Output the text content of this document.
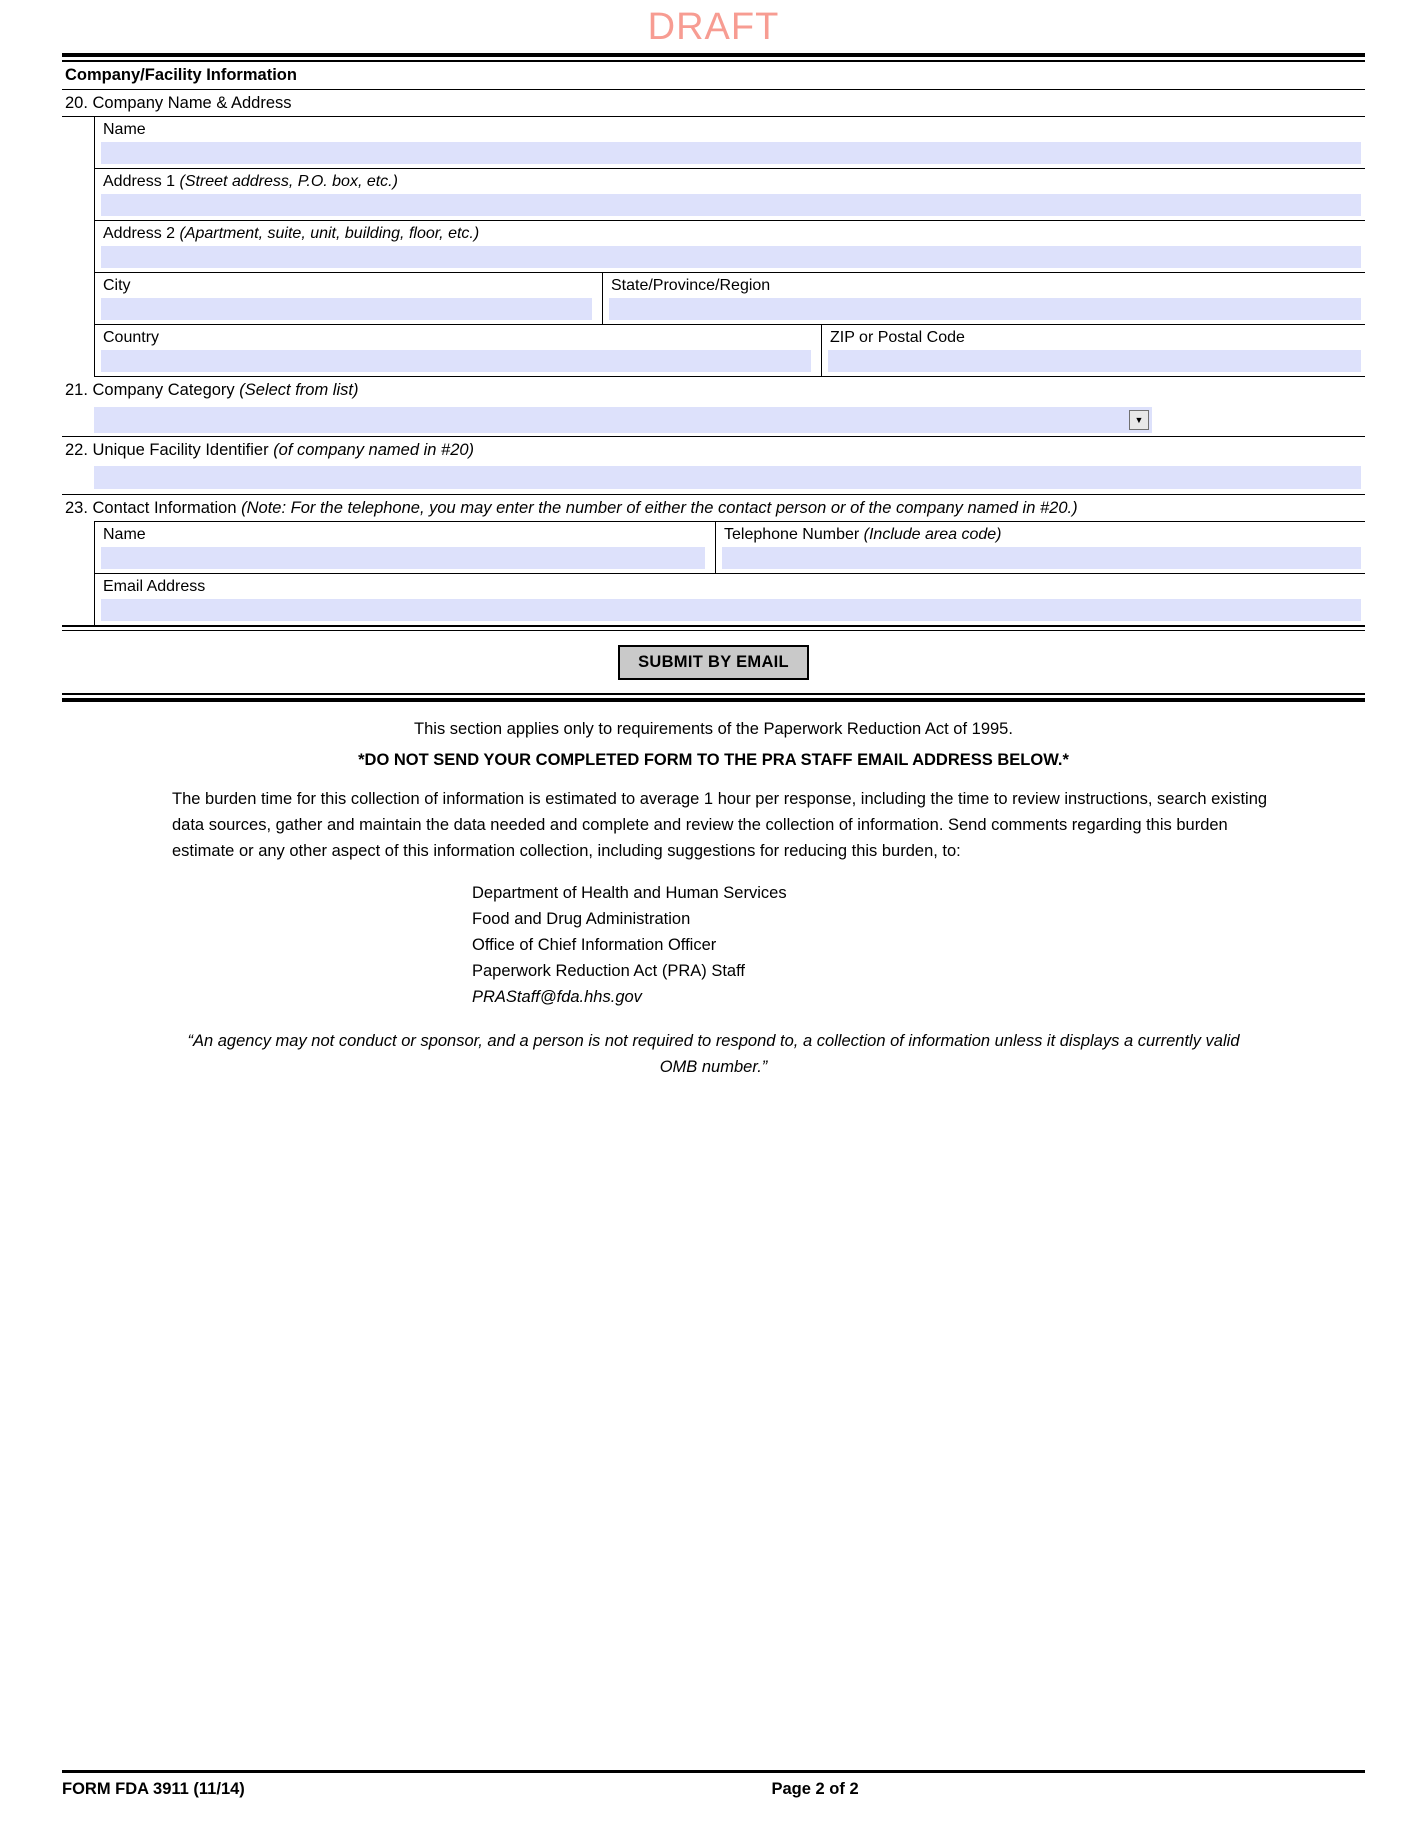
DRAFT
Company/Facility Information
20. Company Name & Address
Name
Address 1 (Street address, P.O. box, etc.)
Address 2 (Apartment, suite, unit, building, floor, etc.)
City	State/Province/Region
Country	ZIP or Postal Code
21. Company Category (Select from list)
▼
22. Unique Facility Identifier (of company named in #20)
23. Contact Information (Note: For the telephone, you may enter the number of either the contact person or of the company named in #20.)
Name	Telephone Number (Include area code)
Email Address
SUBMIT BY EMAIL
This section applies only to requirements of the Paperwork Reduction Act of 1995.
*DO NOT SEND YOUR COMPLETED FORM TO THE PRA STAFF EMAIL ADDRESS BELOW.*
The burden time for this collection of information is estimated to average 1 hour per response, including the time to review instructions, search existing data sources, gather and maintain the data needed and complete and review the collection of information. Send comments regarding this burden estimate or any other aspect of this information collection, including suggestions for reducing this burden, to:
Department of Health and Human Services
Food and Drug Administration
Office of Chief Information Officer
Paperwork Reduction Act (PRA) Staff
PRAStaff@fda.hhs.gov
“An agency may not conduct or sponsor, and a person is not required to respond to, a collection of information unless it displays a currently valid OMB number.”
FORM FDA 3911 (11/14)	Page 2 of 2
